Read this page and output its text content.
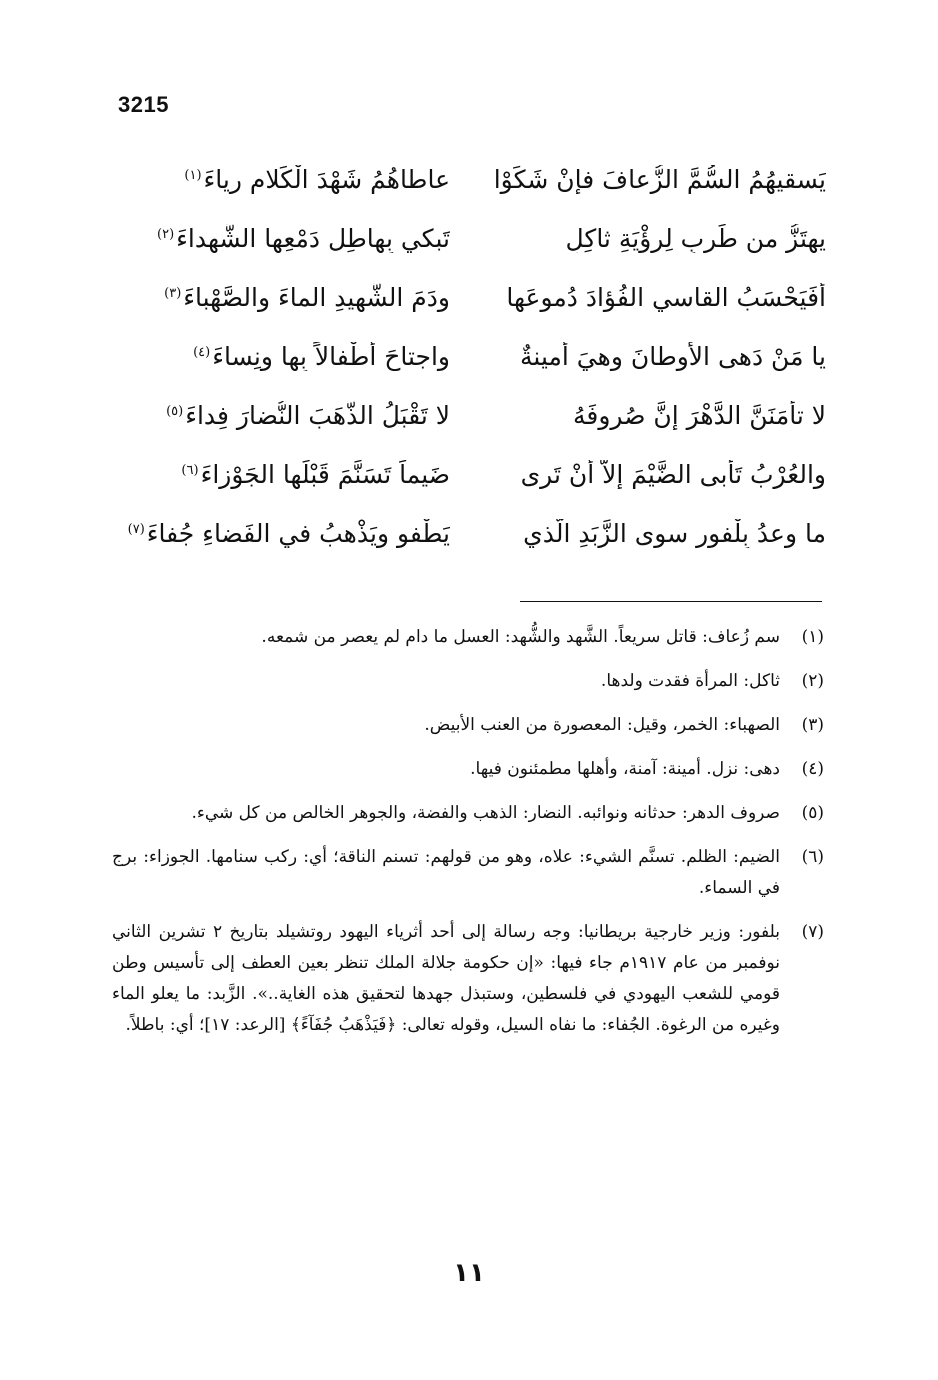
3215
يَسقيهُمُ السُّمَّ الزُّعافَ فإنْ شَكَوْا
عاطاهُمُ شَهْدَ الْكَلام رِياءَ$^{(١)}$
يهتَزُّ من طَربٍ لِرؤْيَةِ ثاكِلٍ
تَبكي بِهاطِلِ دَمْعِها الشُّهداءَ$^{(٢)}$
أَفَيَحْسَبُ القاسي الفُؤادَ دُموعَها
ودَمَ الشَّهيدِ الماءَ والصَّهْباءَ$^{(٣)}$
يا مَنْ دَهى الأَوطانَ وهيَ أمينةٌ
واجتاحَ أَطْفالاً بِها ونِساءَ$^{(٤)}$
لا تأْمَنَنَّ الدَّهْرَ إنَّ صُروفَهُ
لا تَقْبَلُ الذَّهَبَ النُّضارَ فِداءَ$^{(٥)}$
والعُرْبُ تَأْبى الضَّيْمَ إلاّ أَنْ تَرى
ضَيماً تَسَنَّمَ قَبْلَها الجَوْزاءَ$^{(٦)}$
ما وعدُ بِلْفورٍ سوى الزَّبَدِ الَّذي
يَطْفو ويَذْهبُ في الفَضاءِ جُفاءَ$^{(٧)}$
(١)
سم زُعاف: قاتل سريعاً. الشَّهد والشُّهد: العسل ما دام لم يعصر من شمعه.
(٢)
ثاكل: المرأة فقدت ولدها.
(٣)
الصهباء: الخمر، وقيل: المعصورة من العنب الأبيض.
(٤)
دهى: نزل. أمينة: آمنة، وأهلها مطمئنون فيها.
(٥)
صروف الدهر: حدثانه ونوائبه. النضار: الذهب والفضة، والجوهر الخالص من كل شيء.
(٦)
الضيم: الظلم. تسنَّم الشيء: علاه، وهو من قولهم: تسنم الناقة؛ أي: ركب سنامها. الجوزاء: برج في السماء.
(٧)
بلفور: وزير خارجية بريطانيا: وجه رسالة إلى أحد أثرياء اليهود روتشيلد بتاريخ ٢ تشرين الثاني نوفمبر من عام ١٩١٧م جاء فيها: «إن حكومة جلالة الملك تنظر بعين العطف إلى تأسيس وطن قومي للشعب اليهودي في فلسطين، وستبذل جهدها لتحقيق هذه الغاية..». الزَّبد: ما يعلو الماء وغيره من الرغوة. الجُفاء: ما نفاه السيل، وقوله تعالى: ﴿فَيَذْهَبُ جُفَآءً﴾ [الرعد: ١٧]؛ أي: باطلاً.
١١
